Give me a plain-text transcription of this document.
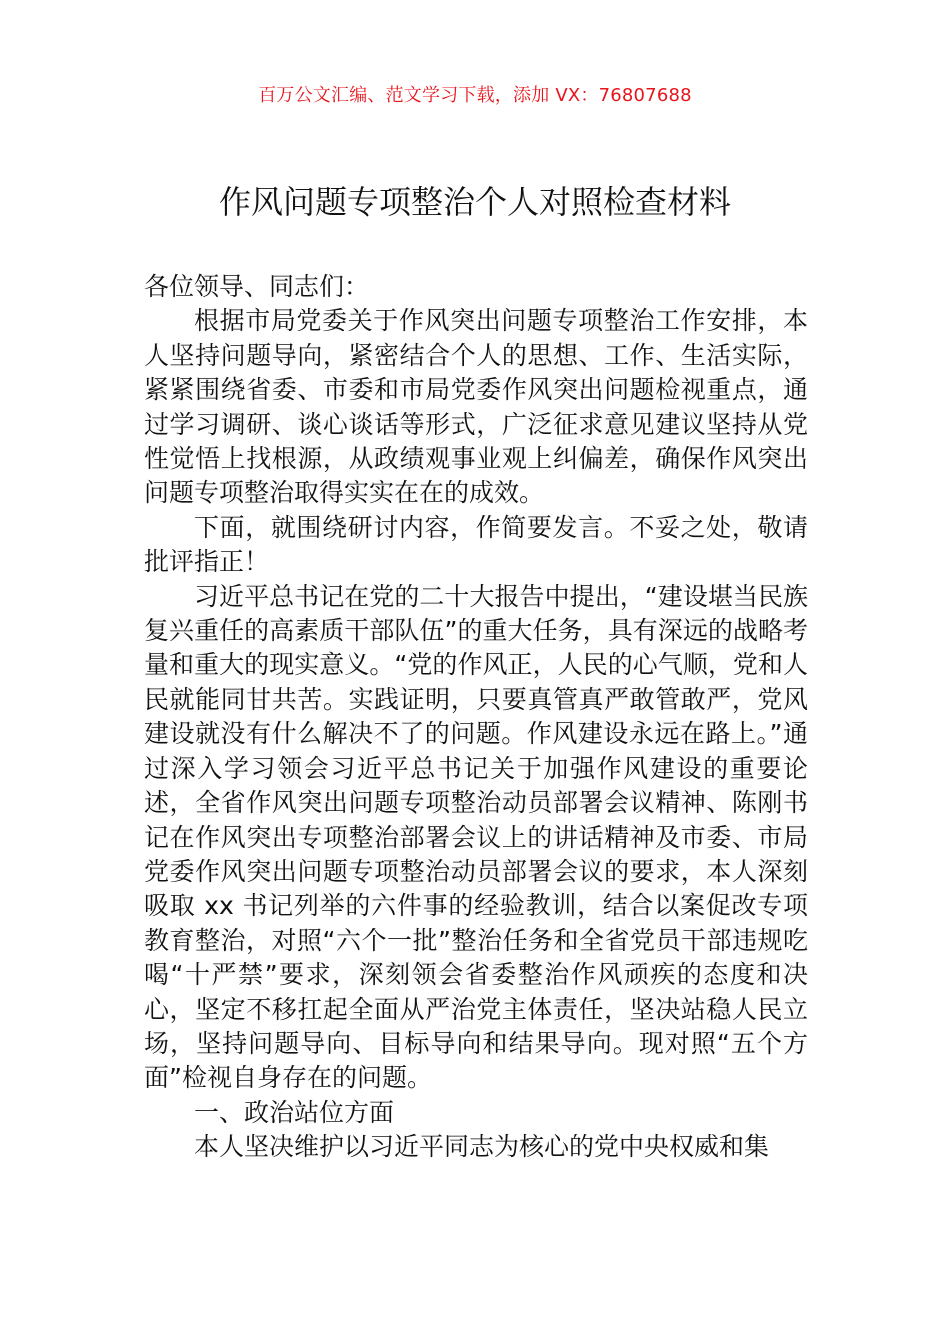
百万公文汇编、范文学习下载，添加 VX：76807688
作风问题专项整治个人对照检查材料

各位领导、同志们：

根据市局党委关于作风突出问题专项整治工作安排，本人坚持问题导向，紧密结合个人的思想、工作、生活实际，紧紧围绕省委、市委和市局党委作风突出问题检视重点，通过学习调研、谈心谈话等形式，广泛征求意见建议坚持从党性觉悟上找根源，从政绩观事业观上纠偏差，确保作风突出问题专项整治取得实实在在的成效。

下面，就围绕研讨内容，作简要发言。不妥之处，敬请批评指正！

习近平总书记在党的二十大报告中提出，“建设堪当民族复兴重任的高素质干部队伍”的重大任务，具有深远的战略考量和重大的现实意义。“党的作风正，人民的心气顺，党和人民就能同甘共苦。实践证明，只要真管真严敢管敢严，党风建设就没有什么解决不了的问题。作风建设永远在路上。”通过深入学习领会习近平总书记关于加强作风建设的重要论述，全省作风突出问题专项整治动员部署会议精神、陈刚书记在作风突出专项整治部署会议上的讲话精神及市委、市局党委作风突出问题专项整治动员部署会议的要求，本人深刻吸取 xx 书记列举的六件事的经验教训，结合以案促改专项教育整治，对照“六个一批”整治任务和全省党员干部违规吃喝“十严禁”要求，深刻领会省委整治作风顽疾的态度和决心，坚定不移扛起全面从严治党主体责任，坚决站稳人民立场，坚持问题导向、目标导向和结果导向。现对照“五个方面”检视自身存在的问题。

一、政治站位方面

本人坚决维护以习近平同志为核心的党中央权威和集
